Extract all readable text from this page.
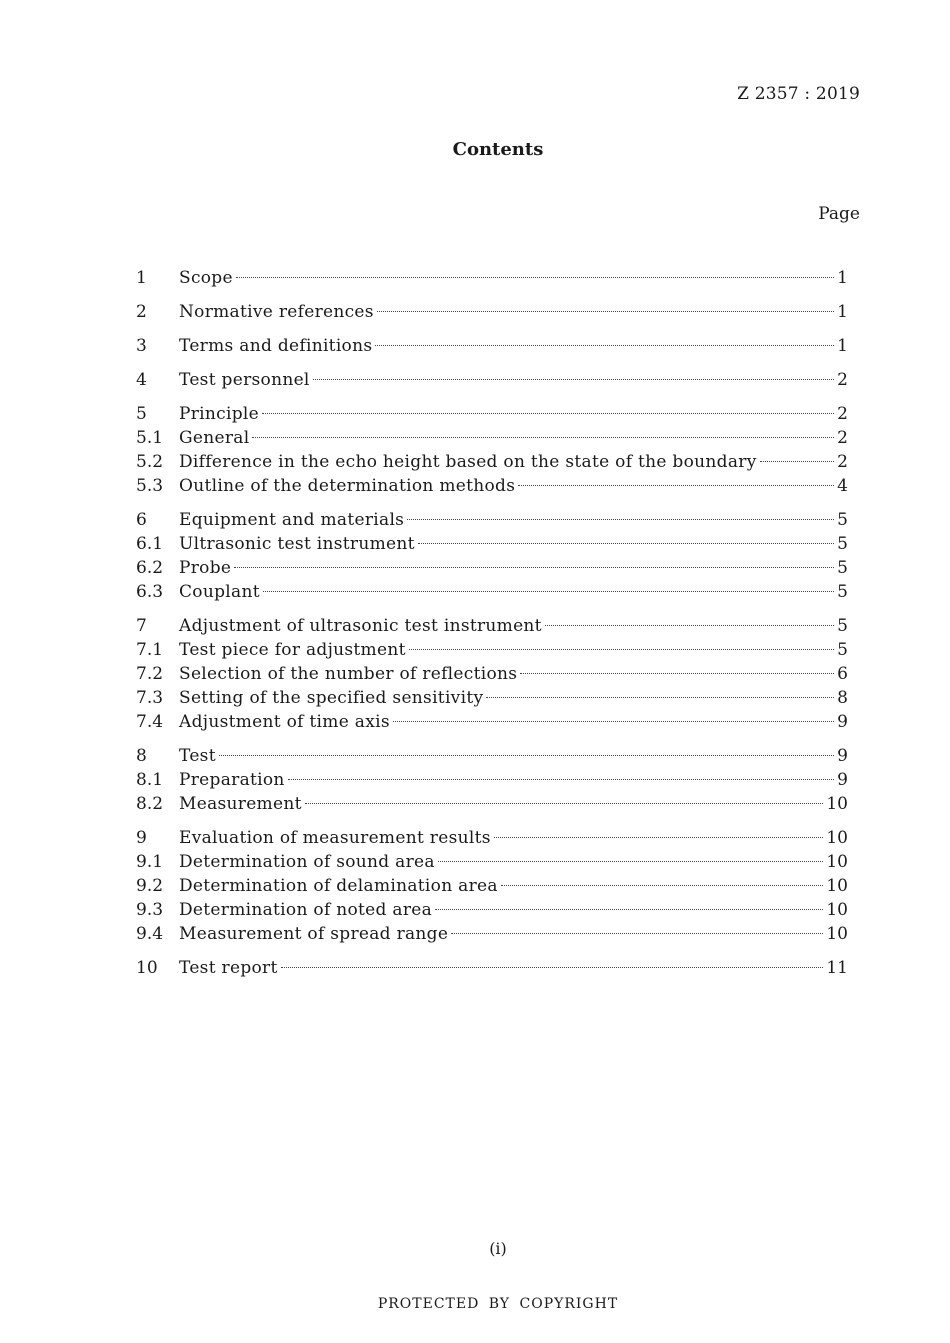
Z 2357 : 2019
Contents
Page
1	Scope	1
2	Normative references	1
3	Terms and definitions	1
4	Test personnel	2
5	Principle	2
5.1 General	2
5.2 Difference in the echo height based on the state of the boundary	2
5.3 Outline of the determination methods	4
6	Equipment and materials	5
6.1 Ultrasonic test instrument	5
6.2 Probe	5
6.3 Couplant	5
7	Adjustment of ultrasonic test instrument	5
7.1 Test piece for adjustment	5
7.2 Selection of the number of reflections	6
7.3 Setting of the specified sensitivity	8
7.4 Adjustment of time axis	9
8	Test	9
8.1 Preparation	9
8.2 Measurement	10
9	Evaluation of measurement results	10
9.1 Determination of sound area	10
9.2 Determination of delamination area	10
9.3 Determination of noted area	10
9.4 Measurement of spread range	10
10	Test report	11
(i)
PROTECTED BY COPYRIGHT
